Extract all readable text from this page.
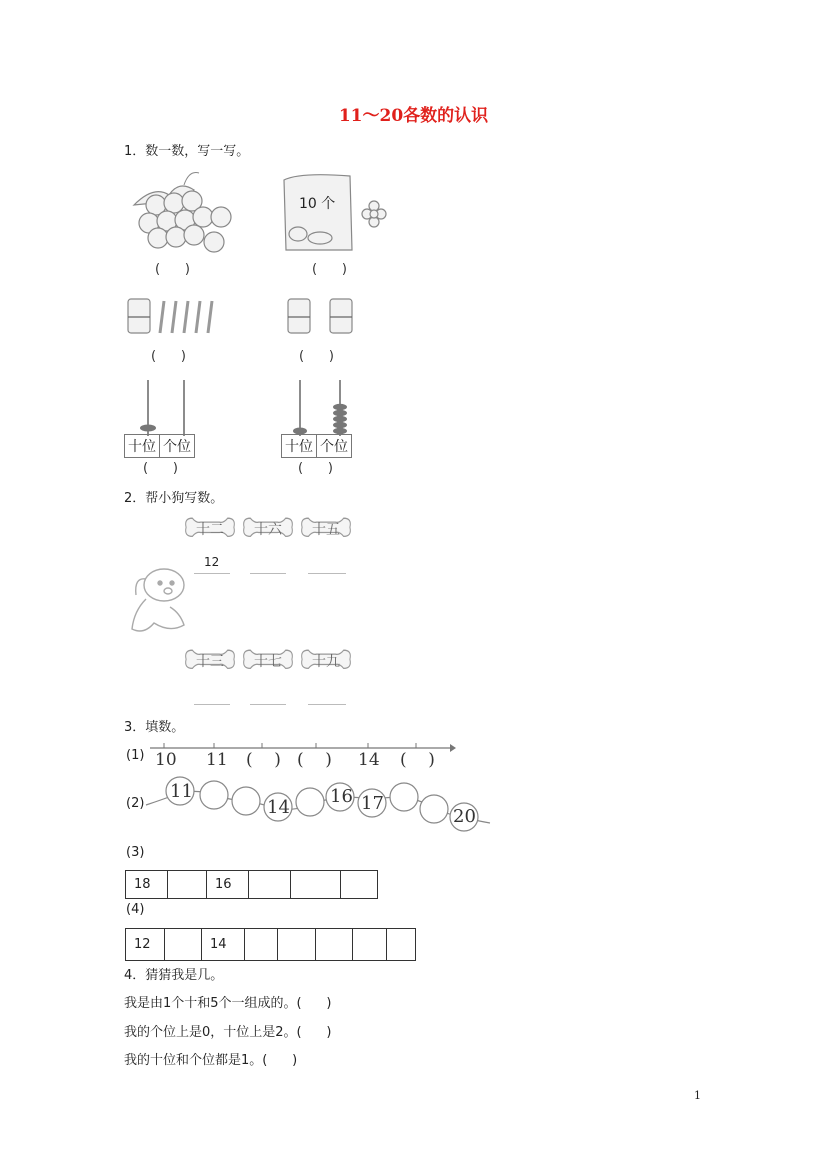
11～20各数的认识
1．数一数，写一写。
(      )
10 个
(      )
(      )	(      )
十位	个位
(      )
十位	个位
(      )
2．帮小狗写数。
十二 十六 十五
12
十三 十七 十九
3．填数。
(1) 10 11 (    ) (    ) 14 (    )
(2)
11
14
16 17
20
(3)
18		16			
(4)
12		14					
4．猜猜我是几。
我是由1个十和5个一组成的。(      )
我的个位上是0，十位上是2。(      )
我的十位和个位都是1。(      )
1
